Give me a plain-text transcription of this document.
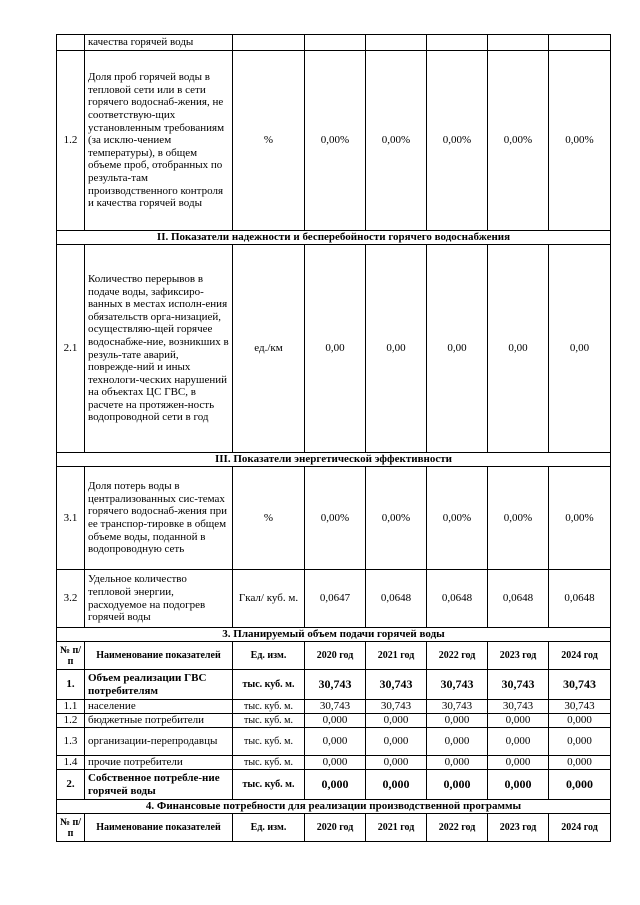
	качества горячей воды						
1.2	Доля проб горячей воды в тепловой сети или в сети горячего водоснаб-жения, не соответствую-щих установленным требованиям (за исклю-чением температуры), в общем объеме проб, отобранных по результа-там производственного контроля и качества горячей воды	%	0,00%	0,00%	0,00%	0,00%	0,00%
II. Показатели надежности и бесперебойности горячего водоснабжения							
2.1	Количество перерывов в подаче воды, зафиксиро-ванных в местах исполн-ения обязательств орга-низацией, осуществляю-щей горячее водоснабже-ние, возникших в резуль-тате аварий, поврежде-ний и иных технологи-ческих нарушений на объектах ЦС ГВС, в расчете на протяжен-ность водопроводной сети в год	ед./км	0,00	0,00	0,00	0,00	0,00
III. Показатели энергетической эффективности							
3.1	Доля потерь воды в централизованных сис-темах горячего водоснаб-жения при ее транспор-тировке в общем объеме воды, поданной в водопроводную сеть	%	0,00%	0,00%	0,00%	0,00%	0,00%
3.2	Удельное количество тепловой энергии, расходуемое на подогрев горячей воды	Гкал/ куб. м.	0,0647	0,0648	0,0648	0,0648	0,0648
3. Планируемый объем подачи горячей воды							
№ п/п	Наименование показателей	Ед. изм.	2020 год	2021 год	2022 год	2023 год	2024 год
1.	Объем реализации ГВС потребителям	тыс. куб. м.	30,743	30,743	30,743	30,743	30,743
1.1	население	тыс. куб. м.	30,743	30,743	30,743	30,743	30,743
1.2	бюджетные потребители	тыс. куб. м.	0,000	0,000	0,000	0,000	0,000
1.3	организации-перепродавцы	тыс. куб. м.	0,000	0,000	0,000	0,000	0,000
1.4	прочие потребители	тыс. куб. м.	0,000	0,000	0,000	0,000	0,000
2.	Собственное потребле-ние горячей воды	тыс. куб. м.	0,000	0,000	0,000	0,000	0,000
4. Финансовые потребности для реализации производственной программы							
№ п/п	Наименование показателей	Ед. изм.	2020 год	2021 год	2022 год	2023 год	2024 год
